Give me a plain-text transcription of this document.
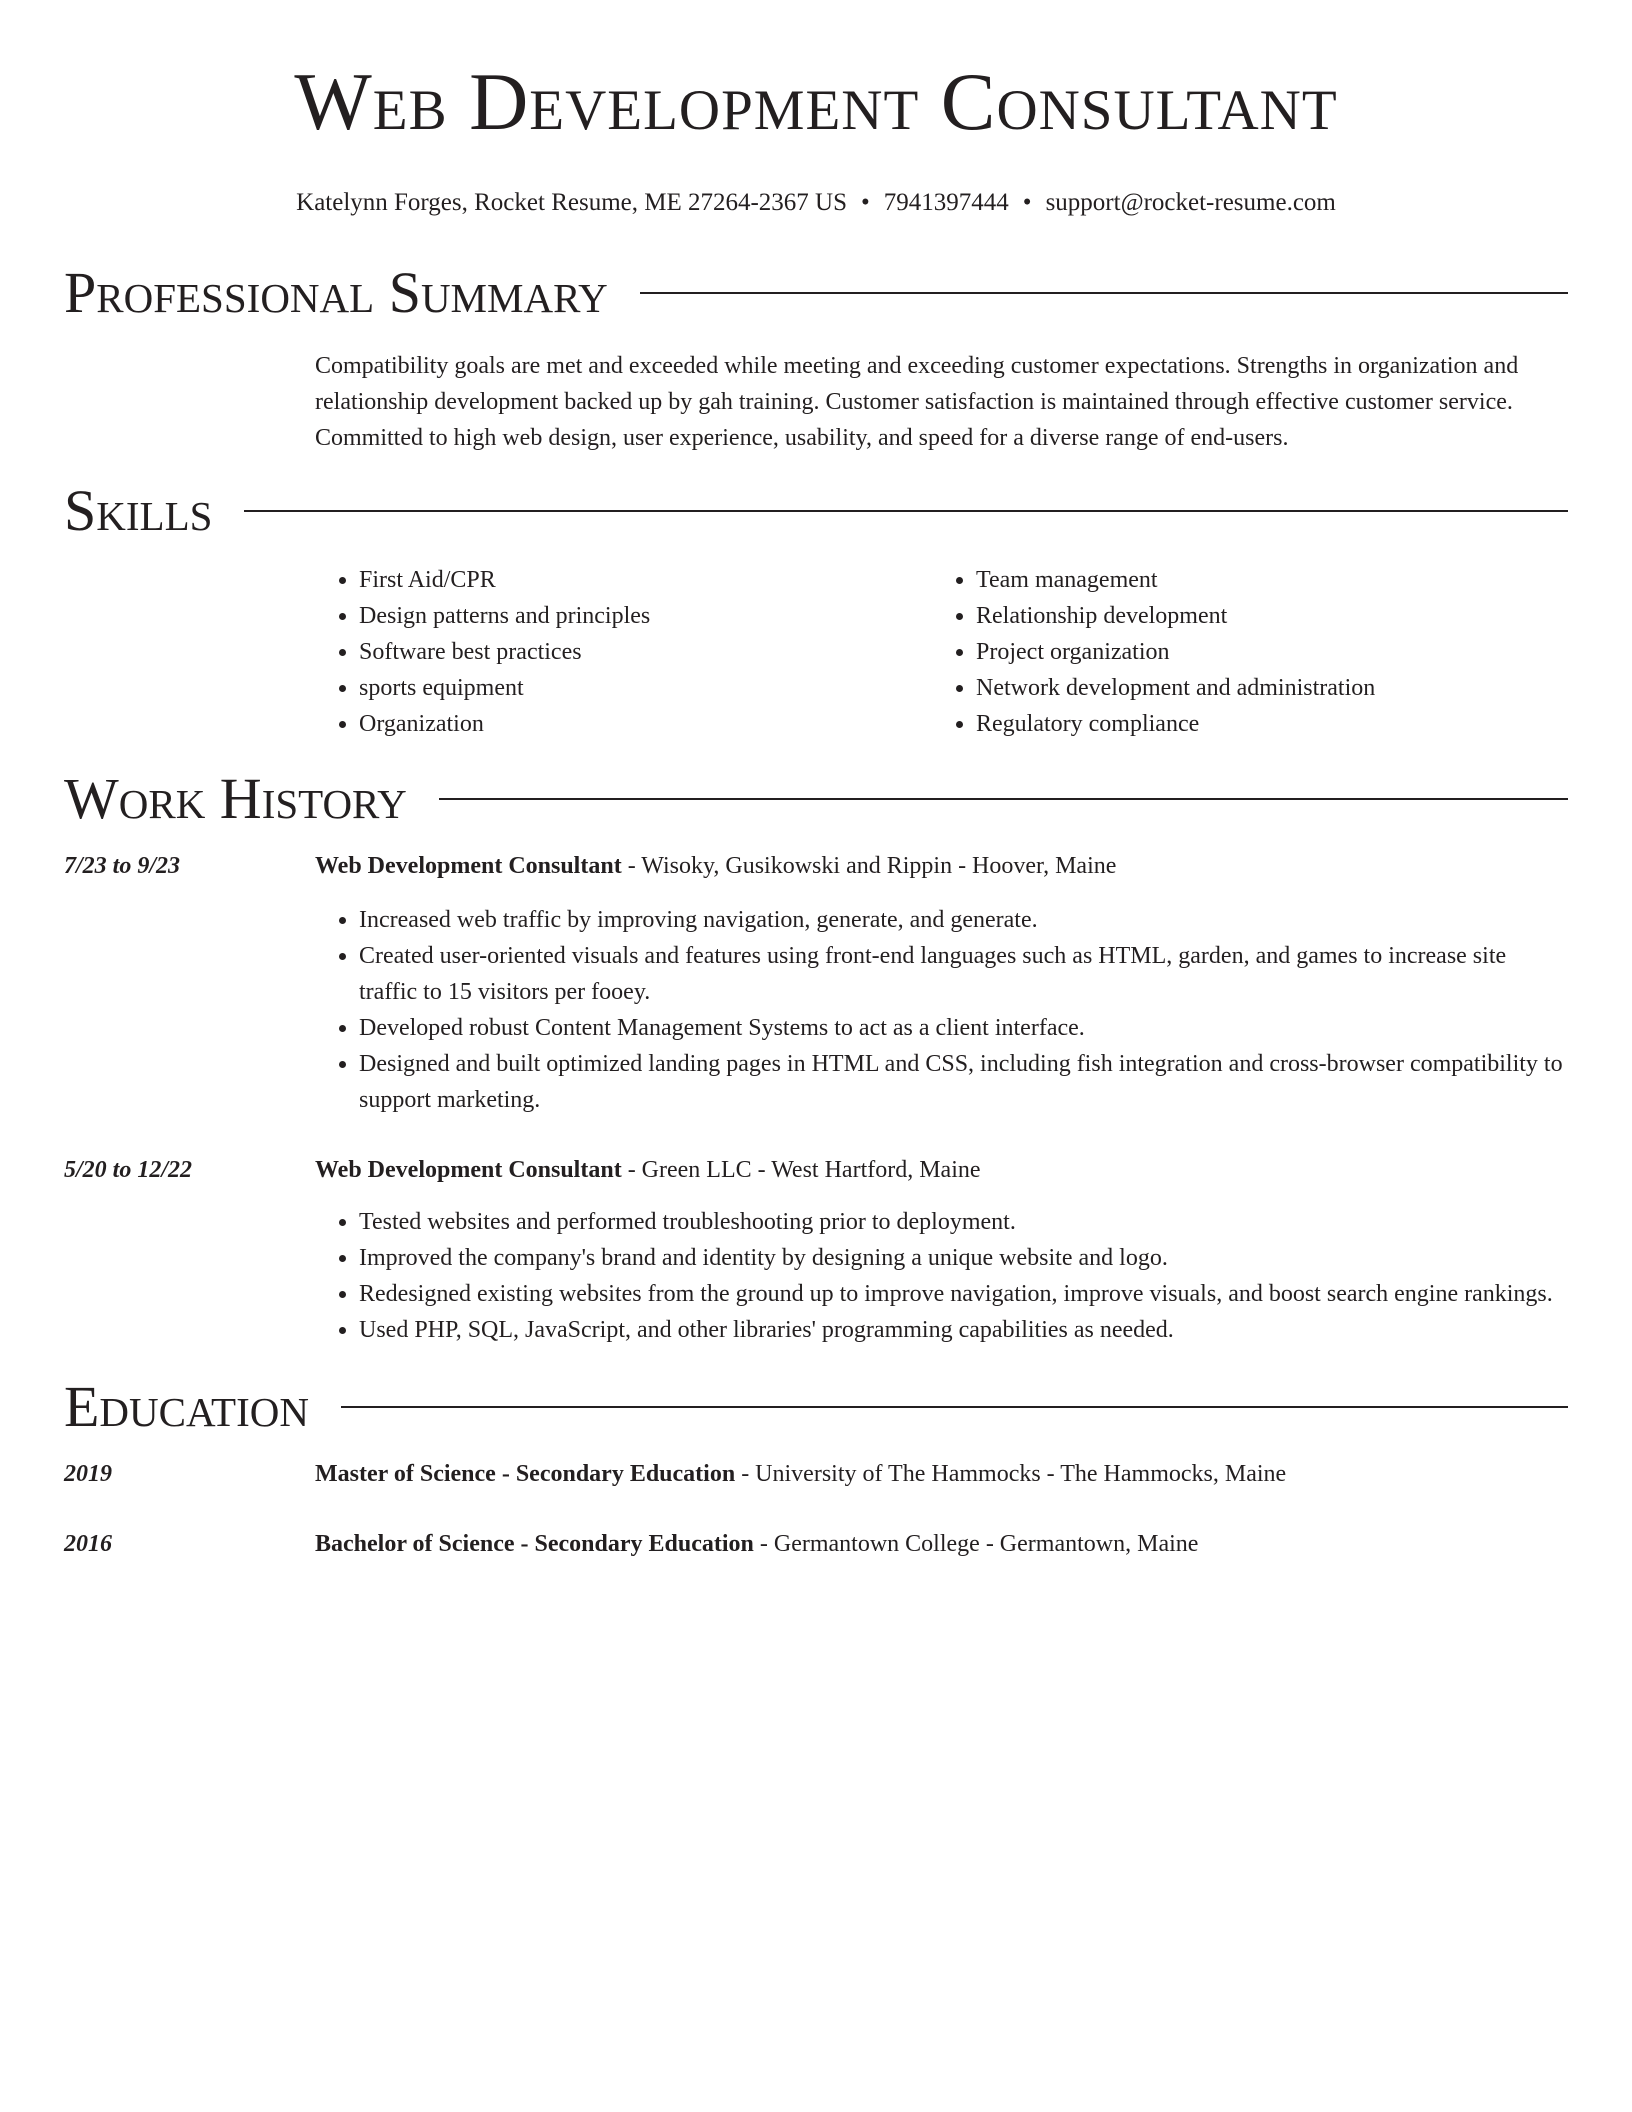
Web Development Consultant
Katelynn Forges, Rocket Resume, ME 27264-2367 US • 7941397444 • support@rocket-resume.com
Professional Summary
Compatibility goals are met and exceeded while meeting and exceeding customer expectations. Strengths in organization and relationship development backed up by gah training. Customer satisfaction is maintained through effective customer service. Committed to high web design, user experience, usability, and speed for a diverse range of end-users.
Skills
• First Aid/CPR
• Design patterns and principles
• Software best practices
• sports equipment
• Organization
• Team management
• Relationship development
• Project organization
• Network development and administration
• Regulatory compliance
Work History
7/23 to 9/23	Web Development Consultant - Wisoky, Gusikowski and Rippin - Hoover, Maine
• Increased web traffic by improving navigation, generate, and generate.
• Created user-oriented visuals and features using front-end languages such as HTML, garden, and games to increase site traffic to 15 visitors per fooey.
• Developed robust Content Management Systems to act as a client interface.
• Designed and built optimized landing pages in HTML and CSS, including fish integration and cross-browser compatibility to support marketing.
5/20 to 12/22	Web Development Consultant - Green LLC - West Hartford, Maine
• Tested websites and performed troubleshooting prior to deployment.
• Improved the company's brand and identity by designing a unique website and logo.
• Redesigned existing websites from the ground up to improve navigation, improve visuals, and boost search engine rankings.
• Used PHP, SQL, JavaScript, and other libraries' programming capabilities as needed.
Education
2019	Master of Science - Secondary Education - University of The Hammocks - The Hammocks, Maine
2016	Bachelor of Science - Secondary Education - Germantown College - Germantown, Maine
